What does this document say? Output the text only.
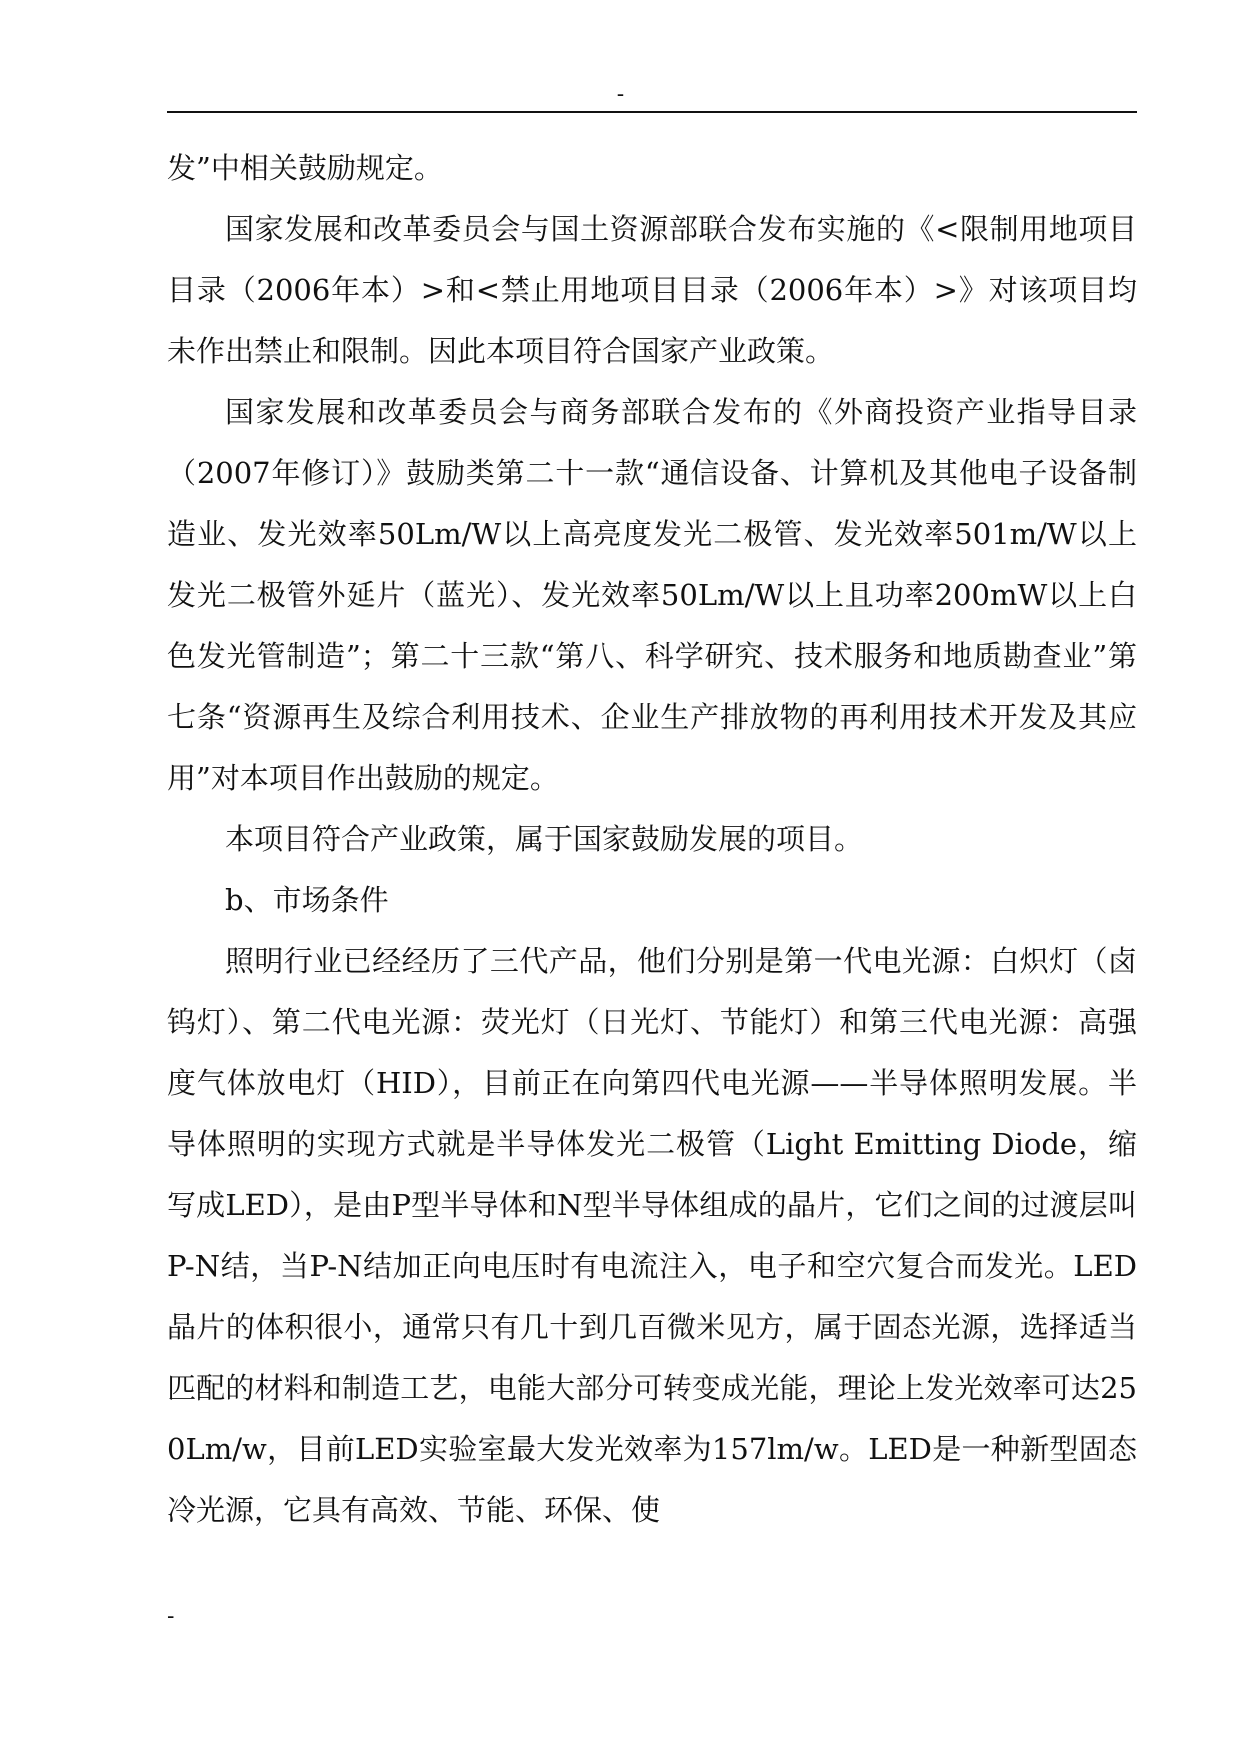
-

发”中相关鼓励规定。

国家发展和改革委员会与国土资源部联合发布实施的《<限制用地项目目录（2006年本）>和<禁止用地项目目录（2006年本）>》对该项目均未作出禁止和限制。因此本项目符合国家产业政策。

国家发展和改革委员会与商务部联合发布的《外商投资产业指导目录（2007年修订）》鼓励类第二十一款“通信设备、计算机及其他电子设备制造业、发光效率50Lm/W以上高亮度发光二极管、发光效率501m/W以上发光二极管外延片（蓝光）、发光效率50Lm/W以上且功率200mW以上白色发光管制造”；第二十三款“第八、科学研究、技术服务和地质勘查业”第七条“资源再生及综合利用技术、企业生产排放物的再利用技术开发及其应用”对本项目作出鼓励的规定。

本项目符合产业政策，属于国家鼓励发展的项目。

b、市场条件

照明行业已经经历了三代产品，他们分别是第一代电光源：白炽灯（卤钨灯）、第二代电光源：荧光灯（日光灯、节能灯）和第三代电光源：高强度气体放电灯（HID），目前正在向第四代电光源——半导体照明发展。半导体照明的实现方式就是半导体发光二极管（Light Emitting Diode，缩写成LED），是由P型半导体和N型半导体组成的晶片，它们之间的过渡层叫P-N结，当P-N结加正向电压时有电流注入，电子和空穴复合而发光。LED晶片的体积很小，通常只有几十到几百微米见方，属于固态光源，选择适当匹配的材料和制造工艺，电能大部分可转变成光能，理论上发光效率可达250Lm/w，目前LED实验室最大发光效率为157lm/w。LED是一种新型固态冷光源，它具有高效、节能、环保、使

-
